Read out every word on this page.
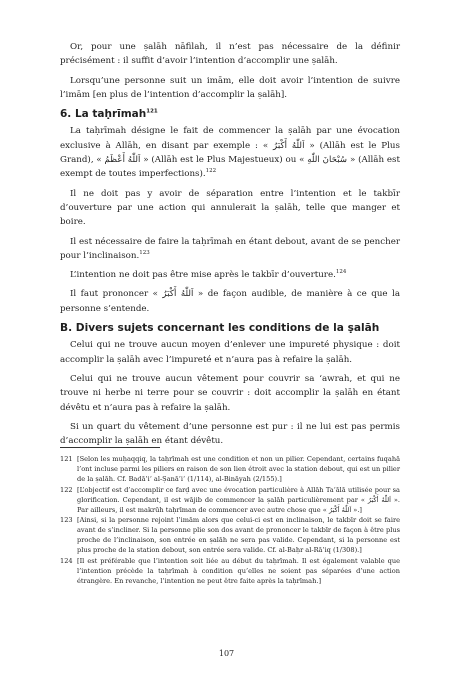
Or, pour une ṣalāh nāfilah, il n’est pas nécessaire de la définir précisément : il suffit d’avoir l’intention d’accomplir une ṣalāh.

Lorsqu’une personne suit un imām, elle doit avoir l’intention de suivre l’imām [en plus de l’intention d’accomplir la ṣalāh].

6. La taḥrīmah$^{121}$

La taḥrīmah désigne le fait de commencer la ṣalāh par une évocation exclusive à Allāh, en disant par exemple : « اَللّٰهُ أَكْبَرُ » (Allāh est le Plus Grand), « اَللّٰهُ أَعْظَمُ » (Allāh est le Plus Majestueux) ou « سُبْحَانَ اللّٰهِ » (Allāh est exempt de toutes imperfections).$^{122}$

Il ne doit pas y avoir de séparation entre l’intention et le takbīr d’ouverture par une action qui annulerait la ṣalāh, telle que manger et boire.

Il est nécessaire de faire la taḥrīmah en étant debout, avant de se pencher pour l’inclinaison.$^{123}$

L’intention ne doit pas être mise après le takbīr d’ouverture.$^{124}$

Il faut prononcer « اَللّٰهُ أَكْبَرُ » de façon audible, de manière à ce que la personne s’entende.

B. Divers sujets concernant les conditions de la ṣalāh

Celui qui ne trouve aucun moyen d’enlever une impureté physique : doit accomplir la ṣalāh avec l’impureté et n’aura pas à refaire la ṣalāh.

Celui qui ne trouve aucun vêtement pour couvrir sa ‘awrah, et qui ne trouve ni herbe ni terre pour se couvrir : doit accomplir la ṣalāh en étant dévêtu et n’aura pas à refaire la ṣalāh.

Si un quart du vêtement d’une personne est pur : il ne lui est pas permis d’accomplir la ṣalāh en étant dévêtu.

121 [Selon les muḥaqqiq, la taḥrīmah est une condition et non un pilier. Cependant, certains fuqahā l’ont incluse parmi les piliers en raison de son lien étroit avec la station debout, qui est un pilier de la ṣalāh. Cf. Badā’i‘ al-Ṣanā’i‘ (1/114), al-Bināyah (2/155).]
122 [L’objectif est d’accomplir ce farḍ avec une évocation particulière à Allāh Ta‘ālā utilisée pour sa glorification. Cependant, il est wājib de commencer la ṣalāh particulièrement par « اَللّٰهُ أَكْبَرُ ». Par ailleurs, il est makrūh taḥrīman de commencer avec autre chose que « اَللّٰهُ أَكْبَرُ ».]
123 [Ainsi, si la personne rejoint l’imām alors que celui-ci est en inclinaison, le takbīr doit se faire avant de s’incliner. Si la personne plie son dos avant de prononcer le takbīr de façon à être plus proche de l’inclinaison, son entrée en ṣalāh ne sera pas valide. Cependant, si la personne est plus proche de la station debout, son entrée sera valide. Cf. al-Baḥr al-Rā’iq (1/308).]
124 [Il est préférable que l’intention soit liée au début du taḥrīmah. Il est également valable que l’intention précède la taḥrīmah à condition qu’elles ne soient pas séparées d’une action étrangère. En revanche, l’intention ne peut être faite après la taḥrīmah.]
107
